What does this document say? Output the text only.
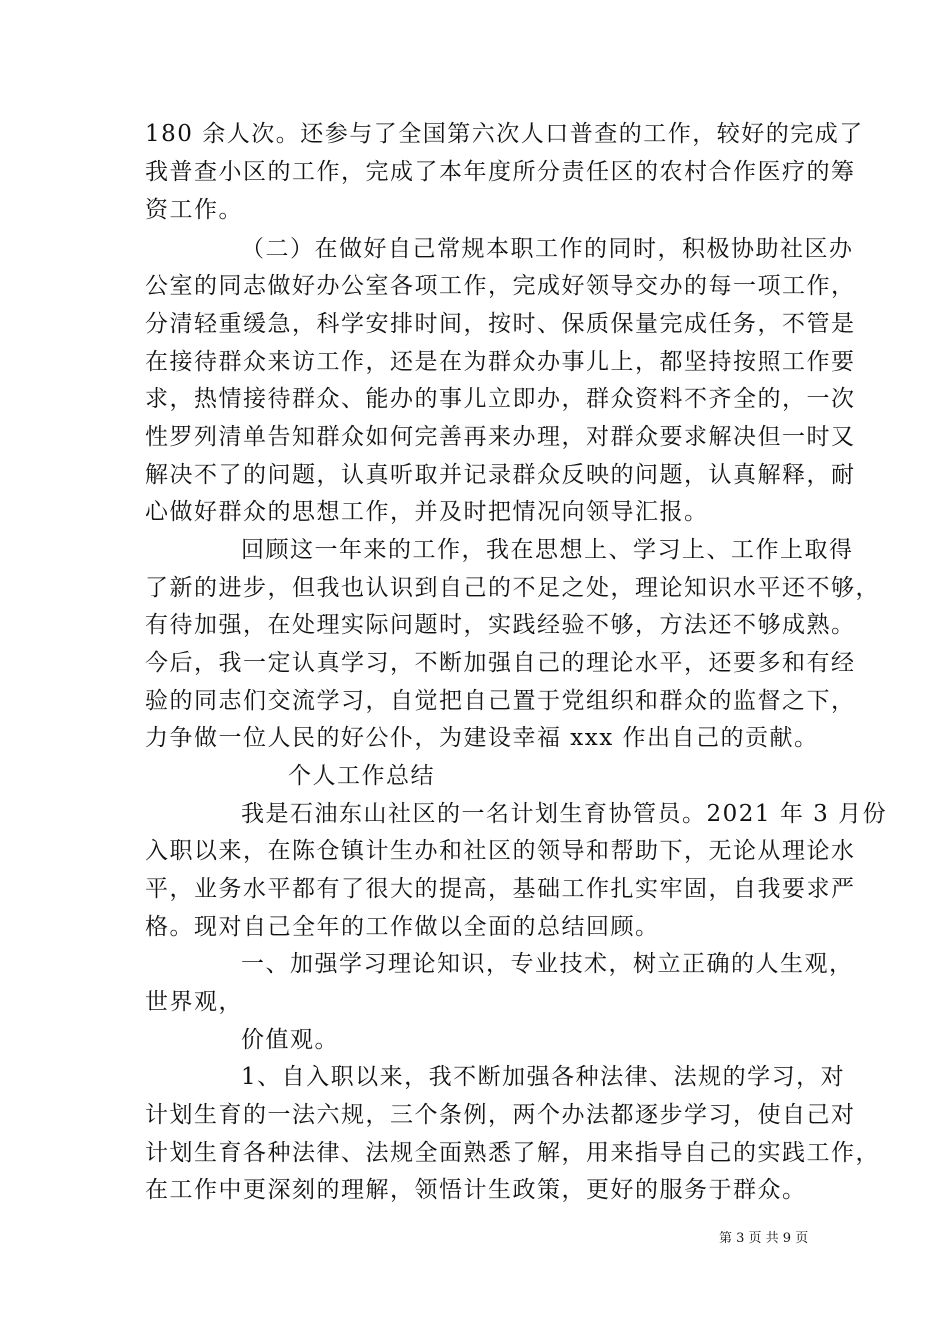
180 余人次。还参与了全国第六次人口普查的工作，较好的完成了
我普查小区的工作，完成了本年度所分责任区的农村合作医疗的筹
资工作。
（二）在做好自己常规本职工作的同时，积极协助社区办
公室的同志做好办公室各项工作，完成好领导交办的每一项工作，
分清轻重缓急，科学安排时间，按时、保质保量完成任务，不管是
在接待群众来访工作，还是在为群众办事儿上，都坚持按照工作要
求，热情接待群众、能办的事儿立即办，群众资料不齐全的，一次
性罗列清单告知群众如何完善再来办理，对群众要求解决但一时又
解决不了的问题，认真听取并记录群众反映的问题，认真解释，耐
心做好群众的思想工作，并及时把情况向领导汇报。
回顾这一年来的工作，我在思想上、学习上、工作上取得
了新的进步，但我也认识到自己的不足之处，理论知识水平还不够，
有待加强，在处理实际问题时，实践经验不够，方法还不够成熟。
今后，我一定认真学习，不断加强自己的理论水平，还要多和有经
验的同志们交流学习，自觉把自己置于党组织和群众的监督之下，
力争做一位人民的好公仆，为建设幸福 xxx 作出自己的贡献。
个人工作总结
我是石油东山社区的一名计划生育协管员。2021 年 3 月份
入职以来，在陈仓镇计生办和社区的领导和帮助下，无论从理论水
平，业务水平都有了很大的提高，基础工作扎实牢固，自我要求严
格。现对自己全年的工作做以全面的总结回顾。
一、加强学习理论知识，专业技术，树立正确的人生观，
世界观，
价值观。
1、自入职以来，我不断加强各种法律、法规的学习，对
计划生育的一法六规，三个条例，两个办法都逐步学习，使自己对
计划生育各种法律、法规全面熟悉了解，用来指导自己的实践工作，
在工作中更深刻的理解，领悟计生政策，更好的服务于群众。
第 3 页 共 9 页
